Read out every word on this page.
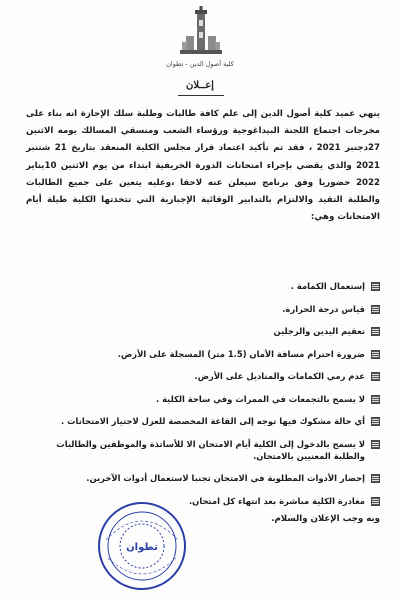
كلية أصول الدين - تطوان
إعــلان

ينهي عميد كلية أصول الدين إلى علم كافة طالبات وطلبة سلك الإجازة انه بناء على مخرجات اجتماع اللجنة البيداغوجية ورؤساء الشعب ومنسقي المسالك يومه الاثنين 27دجنبر 2021 ، فقد تم تأكيد اعتماد قرار مجلس الكلية المنعقد بتاريخ 21 شتنبر 2021 والذي يقضي بإجراء امتحانات الدورة الخريفية ابتداء من يوم الاثنين 10يناير 2022 حضوريا وفق برنامج سيعلن عنه لاحقا ،وعليه يتعين على جميع الطالبات والطلبة التقيد والالتزام بالتدابير الوقائية الإجبارية التي تتخذتها الكلية طيلة أيام الامتحانات وهي:

إستعمال الكمامة .
قياس درجة الحرارة.
تعقيم اليدين والرجلين
ضرورة احترام مسافة الأمان (1.5 متر) المسجلة على الأرض.
عدم رمي الكمامات والمناديل على الأرض.
لا يسمح بالتجمعات في الممرات وفي ساحة الكلية .
أي حالة مشكوك فيها توجه إلى القاعة المخصصة للعزل لاجتياز الامتحانات .
لا يسمح بالدخول إلى الكلية أيام الامتحان الا للأساتذة والموظفين والطالبات والطلبة المعنيين بالامتحان.
إحضار الأدوات المطلوبة في الامتحان تجنبا لاستعمال أدوات الآخرين.
مغادرة الكلية مباشرة بعد انتهاء كل امتحان.
وبه وجب الإعلان والسلام.
تطوان
